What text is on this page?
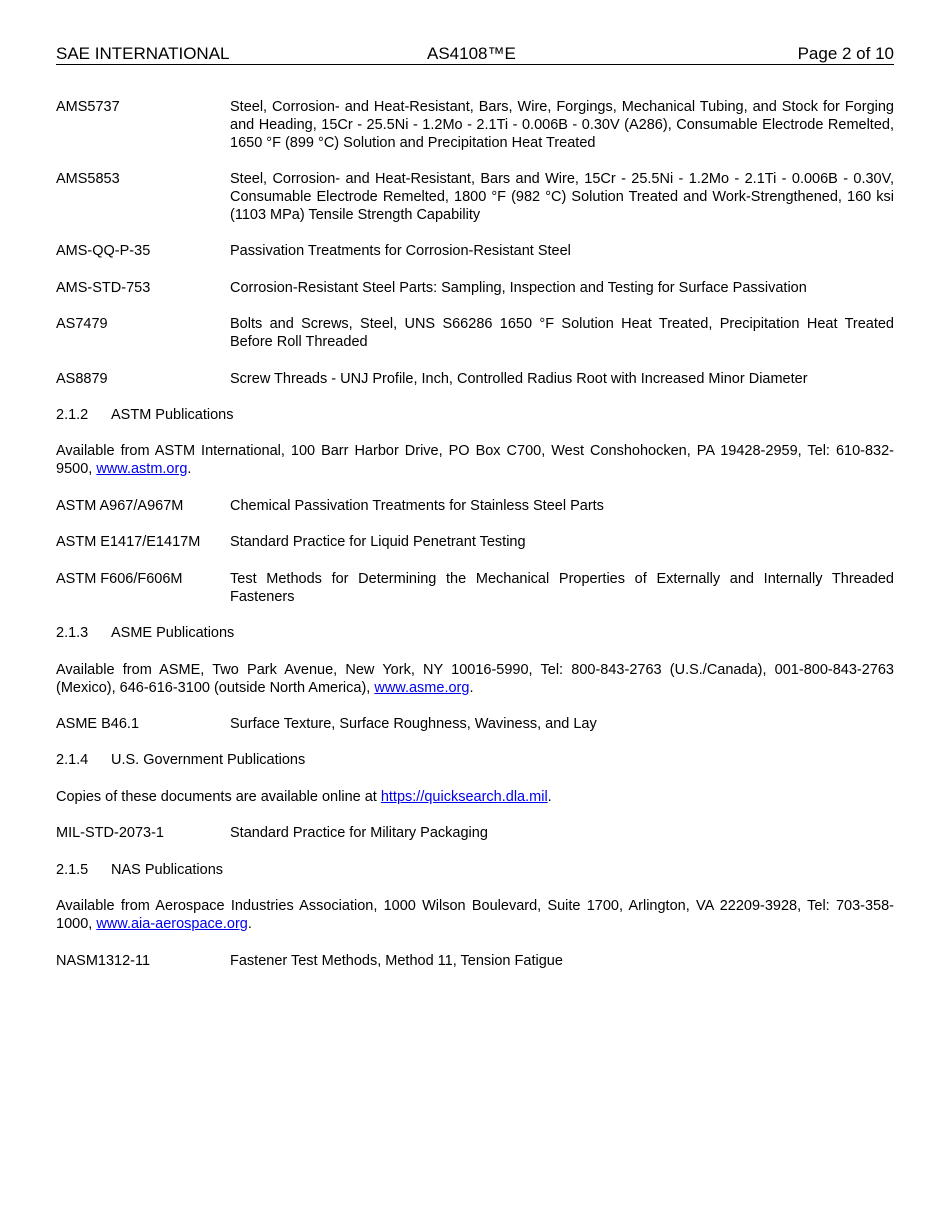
SAE INTERNATIONAL	AS4108™E	Page 2 of 10
AMS5737	Steel, Corrosion- and Heat-Resistant, Bars, Wire, Forgings, Mechanical Tubing, and Stock for Forging and Heading, 15Cr - 25.5Ni - 1.2Mo - 2.1Ti - 0.006B - 0.30V (A286), Consumable Electrode Remelted, 1650 °F (899 °C) Solution and Precipitation Heat Treated
AMS5853	Steel, Corrosion- and Heat-Resistant, Bars and Wire, 15Cr - 25.5Ni - 1.2Mo - 2.1Ti - 0.006B - 0.30V, Consumable Electrode Remelted, 1800 °F (982 °C) Solution Treated and Work-Strengthened, 160 ksi (1103 MPa) Tensile Strength Capability
AMS-QQ-P-35	Passivation Treatments for Corrosion-Resistant Steel
AMS-STD-753	Corrosion-Resistant Steel Parts: Sampling, Inspection and Testing for Surface Passivation
AS7479	Bolts and Screws, Steel, UNS S66286 1650 °F Solution Heat Treated, Precipitation Heat Treated Before Roll Threaded
AS8879	Screw Threads - UNJ Profile, Inch, Controlled Radius Root with Increased Minor Diameter
2.1.2 ASTM Publications
Available from ASTM International, 100 Barr Harbor Drive, PO Box C700, West Conshohocken, PA 19428-2959, Tel: 610-832-9500, www.astm.org.
ASTM A967/A967M	Chemical Passivation Treatments for Stainless Steel Parts
ASTM E1417/E1417M Standard Practice for Liquid Penetrant Testing
ASTM F606/F606M	Test Methods for Determining the Mechanical Properties of Externally and Internally Threaded Fasteners
2.1.3 ASME Publications
Available from ASME, Two Park Avenue, New York, NY 10016-5990, Tel: 800-843-2763 (U.S./Canada), 001-800-843-2763 (Mexico), 646-616-3100 (outside North America), www.asme.org.
ASME B46.1	Surface Texture, Surface Roughness, Waviness, and Lay
2.1.4 U.S. Government Publications
Copies of these documents are available online at https://quicksearch.dla.mil.
MIL-STD-2073-1	Standard Practice for Military Packaging
2.1.5 NAS Publications
Available from Aerospace Industries Association, 1000 Wilson Boulevard, Suite 1700, Arlington, VA 22209-3928, Tel: 703-358-1000, www.aia-aerospace.org.
NASM1312-11	Fastener Test Methods, Method 11, Tension Fatigue
